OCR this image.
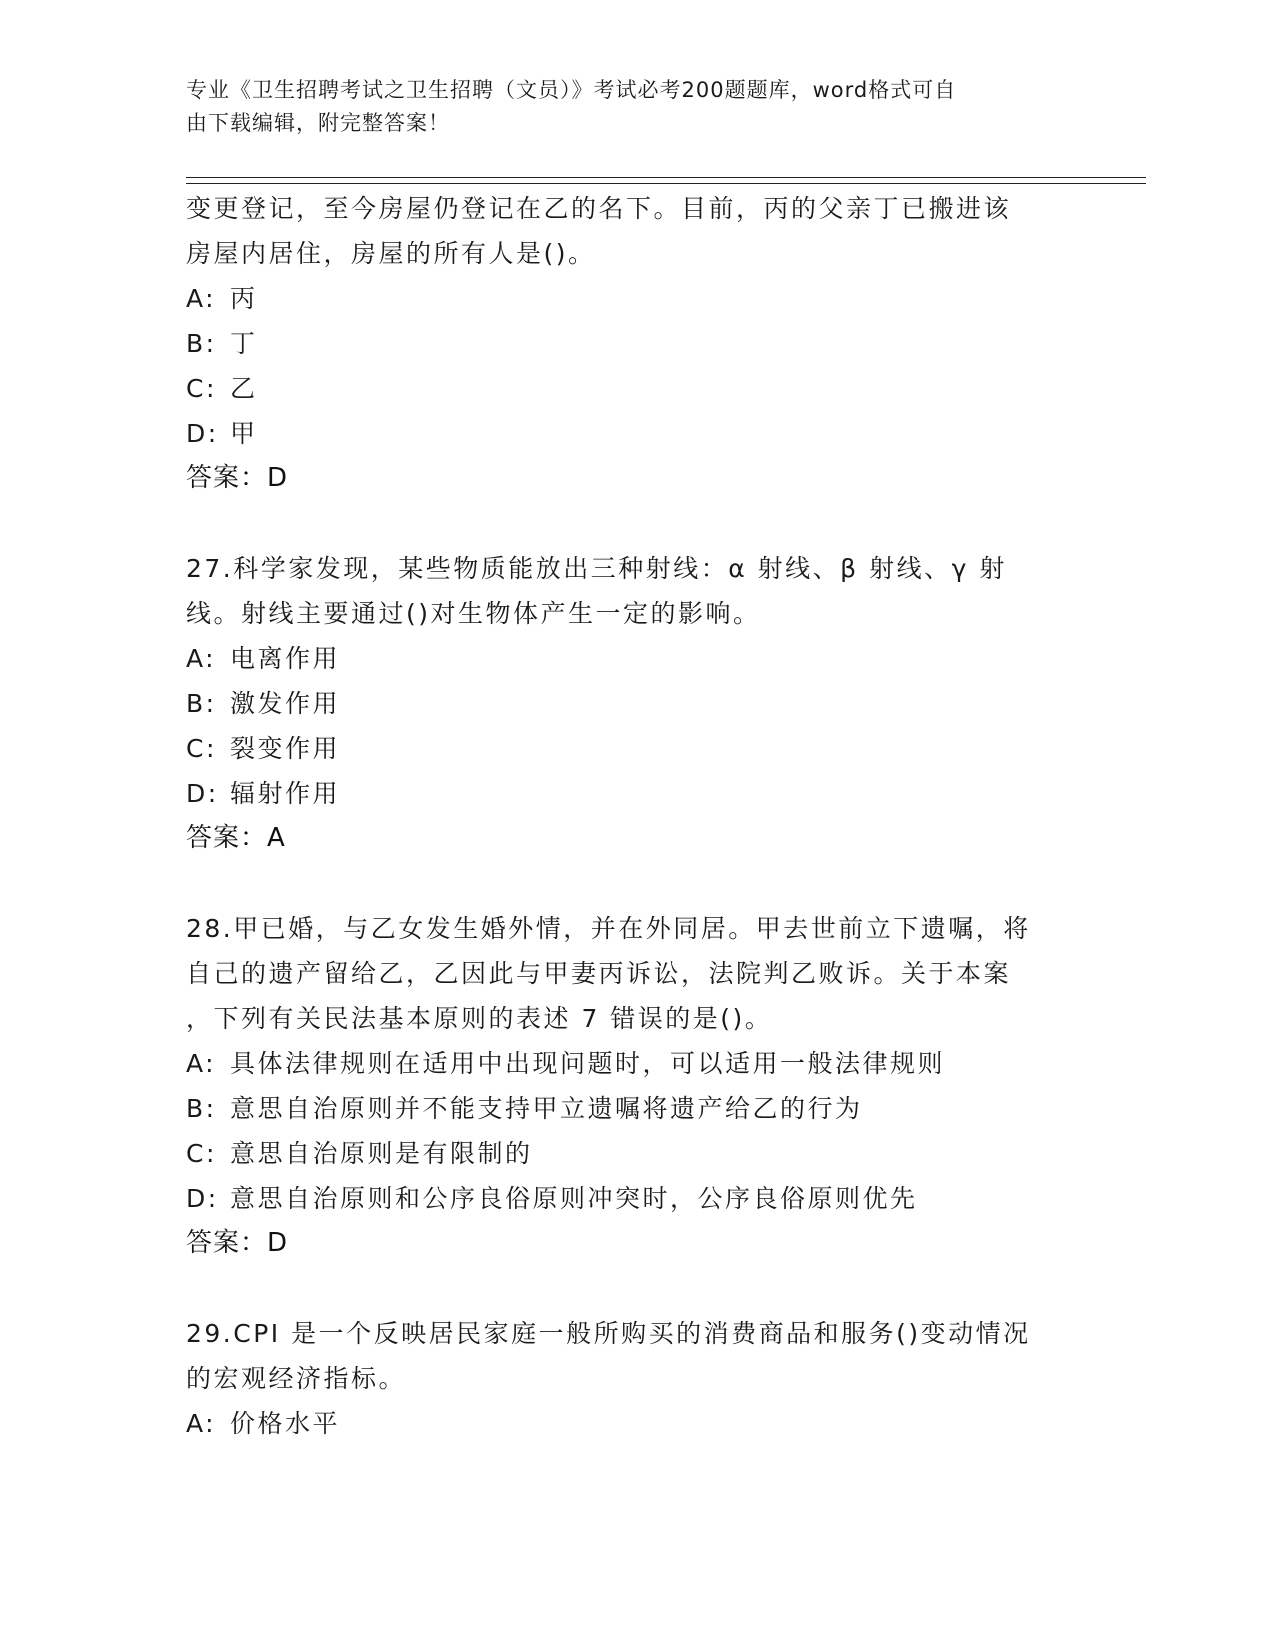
专业《卫生招聘考试之卫生招聘（文员）》考试必考200题题库，word格式可自
由下载编辑，附完整答案！
变更登记，至今房屋仍登记在乙的名下。目前，丙的父亲丁已搬进该
房屋内居住，房屋的所有人是()。
A: 丙
B: 丁
C: 乙
D: 甲
答案：D
27.科学家发现，某些物质能放出三种射线：α 射线、β 射线、γ 射
线。射线主要通过()对生物体产生一定的影响。
A: 电离作用
B: 激发作用
C: 裂变作用
D: 辐射作用
答案：A
28.甲已婚，与乙女发生婚外情，并在外同居。甲去世前立下遗嘱，将
自己的遗产留给乙，乙因此与甲妻丙诉讼，法院判乙败诉。关于本案
，下列有关民法基本原则的表述 7 错误的是()。
A: 具体法律规则在适用中出现问题时，可以适用一般法律规则
B: 意思自治原则并不能支持甲立遗嘱将遗产给乙的行为
C: 意思自治原则是有限制的
D: 意思自治原则和公序良俗原则冲突时，公序良俗原则优先
答案：D
29.CPI 是一个反映居民家庭一般所购买的消费商品和服务()变动情况
的宏观经济指标。
A: 价格水平
